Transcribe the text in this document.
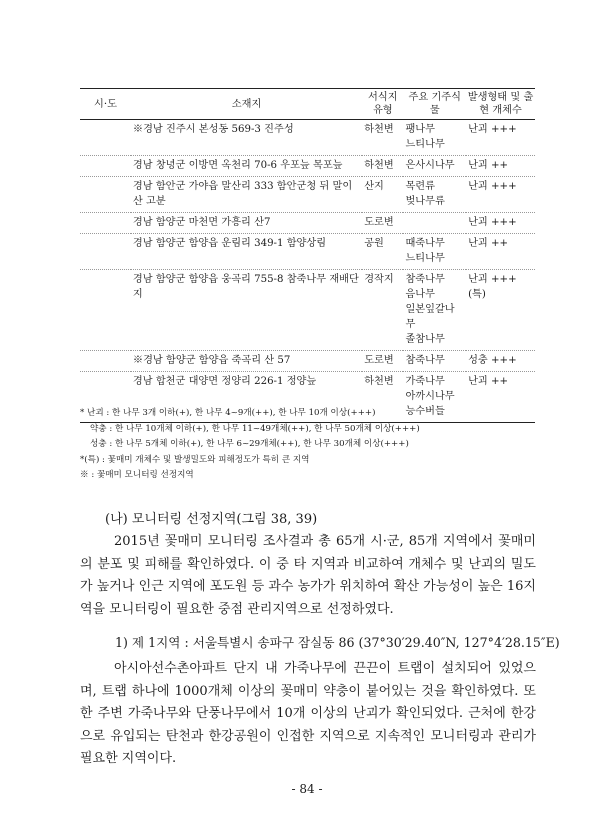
시·도	소재지	서식지 유형	주요 기주식물	발생형태 및 출현 개체수
	※경남 진주시 본성동 569-3 진주성	하천변	팽나무
느티나무	난괴 +++
	경남 창녕군 이방면 옥천리 70-6 우포늪 목포늪	하천변	은사시나무	난괴 ++
	경남 함안군 가야읍 말산리 333 함안군청 뒤 말이산 고분	산지	목련류
벚나무류	난괴 +++
	경남 함양군 마천면 가흥리 산7	도로변		난괴 +++
	경남 함양군 함양읍 운림리 349-1 함양상림	공원	때죽나무
느티나무	난괴 ++
	경남 함양군 함양읍 웅곡리 755-8 참죽나무 재배단지	경작지	참죽나무
음나무
일본잎갈나무
졸참나무	난괴 +++(특)
	※경남 함양군 함양읍 죽곡리 산 57	도로변	참죽나무	성충 +++
	경남 합천군 대양면 정양리 226-1 정양늪	하천변	가죽나무
아까시나무
능수버들	난괴 ++
* 난괴 : 한 나무 3개 이하(+), 한 나무 4~9개(++), 한 나무 10개 이상(+++)
약충 : 한 나무 10개체 이하(+), 한 나무 11~49개체(++), 한 나무 50개체 이상(+++)
성충 : 한 나무 5개체 이하(+), 한 나무 6~29개체(++), 한 나무 30개체 이상(+++)
*(특) : 꽃매미 개체수 및 발생밀도와 피해정도가 특히 큰 지역
※ : 꽃매미 모니터링 선정지역
(나) 모니터링 선정지역(그림 38, 39)
2015년 꽃매미 모니터링 조사결과 총 65개 시·군, 85개 지역에서 꽃매미의 분포 및 피해를 확인하였다. 이 중 타 지역과 비교하여 개체수 및 난괴의 밀도가 높거나 인근 지역에 포도원 등 과수 농가가 위치하여 확산 가능성이 높은 16지역을 모니터링이 필요한 중점 관리지역으로 선정하였다.
1) 제 1지역 : 서울특별시 송파구 잠실동 86 (37°30′29.40″N, 127°4′28.15″E)
아시아선수촌아파트 단지 내 가죽나무에 끈끈이 트랩이 설치되어 있었으며, 트랩 하나에 1000개체 이상의 꽃매미 약충이 붙어있는 것을 확인하였다. 또한 주변 가죽나무와 단풍나무에서 10개 이상의 난괴가 확인되었다. 근처에 한강으로 유입되는 탄천과 한강공원이 인접한 지역으로 지속적인 모니터링과 관리가 필요한 지역이다.
- 84 -
